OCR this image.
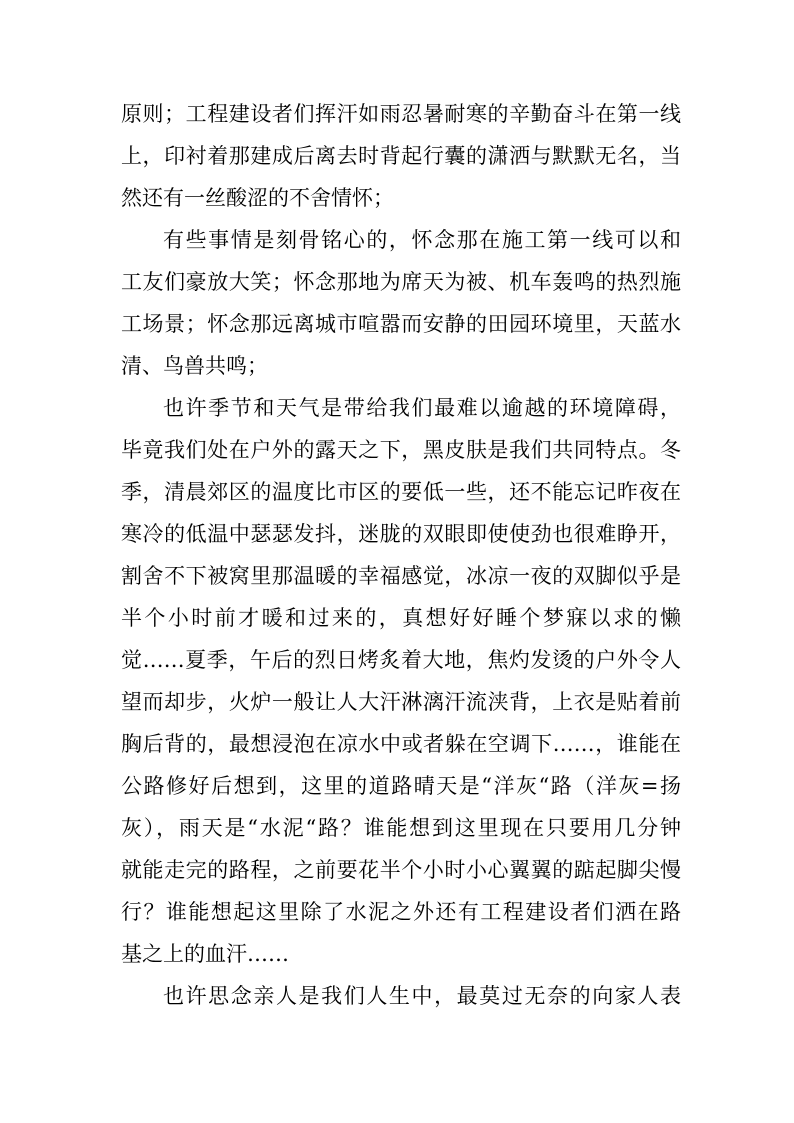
原则；工程建设者们挥汗如雨忍暑耐寒的辛勤奋斗在第一线
上，印衬着那建成后离去时背起行囊的潇洒与默默无名，当
然还有一丝酸涩的不舍情怀；
有些事情是刻骨铭心的，怀念那在施工第一线可以和
工友们豪放大笑；怀念那地为席天为被、机车轰鸣的热烈施
工场景；怀念那远离城市喧嚣而安静的田园环境里，天蓝水
清、鸟兽共鸣；
也许季节和天气是带给我们最难以逾越的环境障碍，
毕竟我们处在户外的露天之下，黑皮肤是我们共同特点。冬
季，清晨郊区的温度比市区的要低一些，还不能忘记昨夜在
寒冷的低温中瑟瑟发抖，迷胧的双眼即使使劲也很难睁开，
割舍不下被窝里那温暖的幸福感觉，冰凉一夜的双脚似乎是
半个小时前才暖和过来的，真想好好睡个梦寐以求的懒
觉……夏季，午后的烈日烤炙着大地，焦灼发烫的户外令人
望而却步，火炉一般让人大汗淋漓汗流浃背，上衣是贴着前
胸后背的，最想浸泡在凉水中或者躲在空调下……，谁能在
公路修好后想到，这里的道路晴天是“洋灰“路（洋灰=扬
灰），雨天是“水泥“路？谁能想到这里现在只要用几分钟
就能走完的路程，之前要花半个小时小心翼翼的踮起脚尖慢
行？谁能想起这里除了水泥之外还有工程建设者们洒在路
基之上的血汗……
也许思念亲人是我们人生中，最莫过无奈的向家人表
